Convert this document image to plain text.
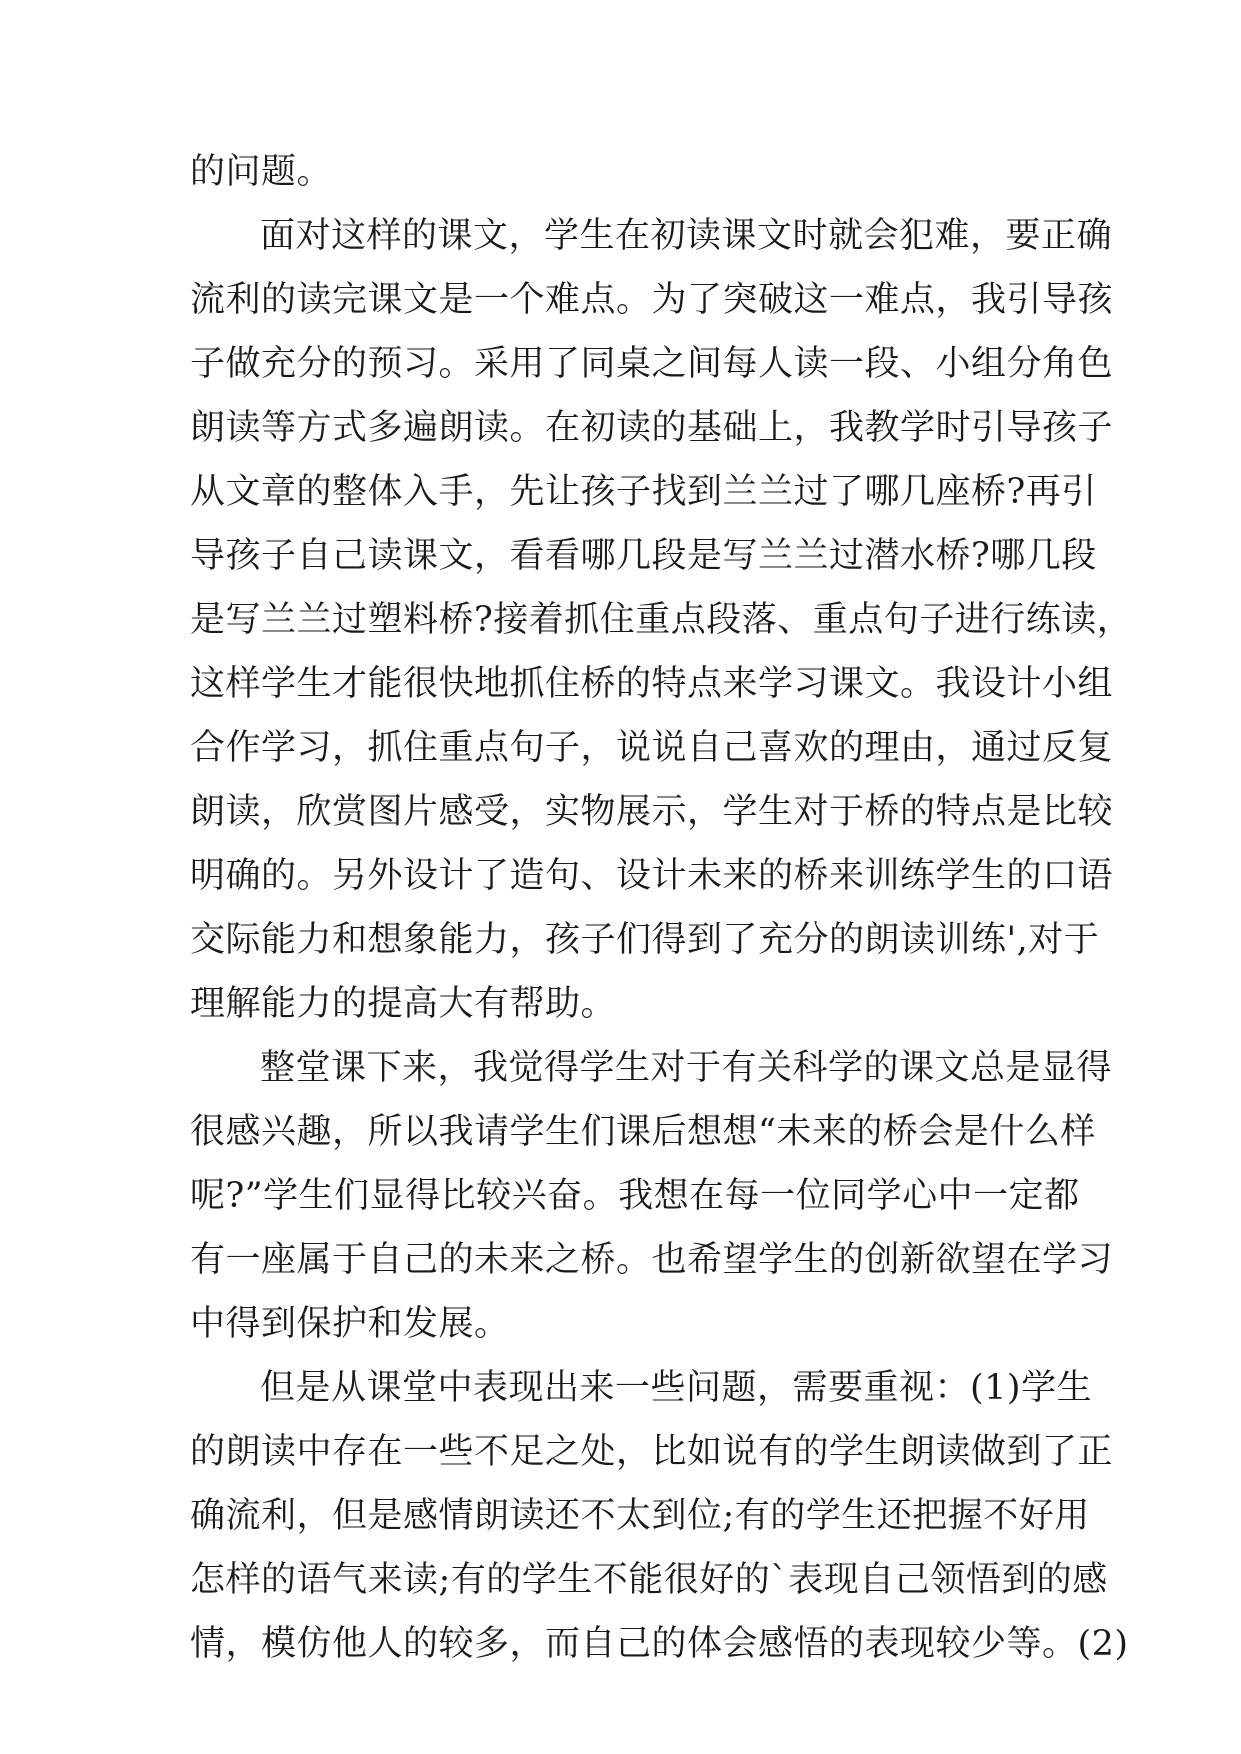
的问题。
面对这样的课文，学生在初读课文时就会犯难，要正确
流利的读完课文是一个难点。为了突破这一难点，我引导孩
子做充分的预习。采用了同桌之间每人读一段、小组分角色
朗读等方式多遍朗读。在初读的基础上，我教学时引导孩子
从文章的整体入手，先让孩子找到兰兰过了哪几座桥?再引
导孩子自己读课文，看看哪几段是写兰兰过潜水桥?哪几段
是写兰兰过塑料桥?接着抓住重点段落、重点句子进行练读，
这样学生才能很快地抓住桥的特点来学习课文。我设计小组
合作学习，抓住重点句子，说说自己喜欢的理由，通过反复
朗读，欣赏图片感受，实物展示，学生对于桥的特点是比较
明确的。另外设计了造句、设计未来的桥来训练学生的口语
交际能力和想象能力，孩子们得到了充分的朗读训练',对于
理解能力的提高大有帮助。
整堂课下来，我觉得学生对于有关科学的课文总是显得
很感兴趣，所以我请学生们课后想想“未来的桥会是什么样
呢?”学生们显得比较兴奋。我想在每一位同学心中一定都
有一座属于自己的未来之桥。也希望学生的创新欲望在学习
中得到保护和发展。
但是从课堂中表现出来一些问题，需要重视：(1)学生
的朗读中存在一些不足之处，比如说有的学生朗读做到了正
确流利，但是感情朗读还不太到位;有的学生还把握不好用
怎样的语气来读;有的学生不能很好的`表现自己领悟到的感
情，模仿他人的较多，而自己的体会感悟的表现较少等。(2)
